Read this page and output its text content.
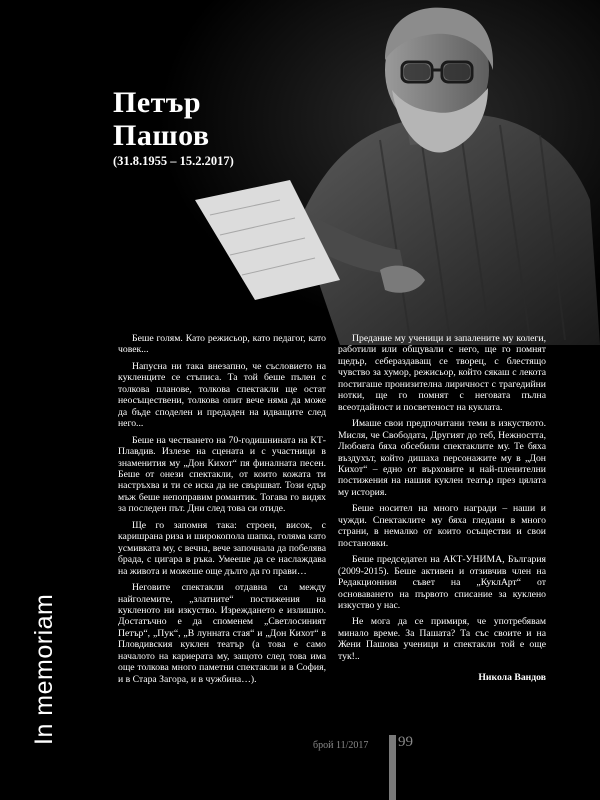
Петър
Пашов
(31.8.1955 – 15.2.2017)

Беше голям. Като режисьор, като педагог, като човек...

Напусна ни така внезапно, че съсловието на кукленците се стъписа. Та той беше пълен с толкова планове, толкова спектакли ще остат неосъществени, толкова опит вече няма да може да бъде споделен и предаден на идващите след него...

Беше на честването на 70-годишнината на КТ-Плавдив. Излезе на сцената и с участници в знаменития му „Дон Кихот“ пя финалната песен. Беше от онези спектакли, от които кожата ти настръхва и ти се иска да не свършват. Този едър мъж беше непоправим романтик. Тогава го видях за последен път. Дни след това си отиде.

Ще го запомня така: строен, висок, с каришрана риза и широкопола шапка, голяма като усмивката му, с вечна, вече започнала да побелява брада, с цигара в ръка. Умееше да се наслаждава на живота и можеше още дълго да го прави…

Неговите спектакли отдавна са между найголемите, „златните“ постижения на кукленото ни изкуство. Изреждането е излишно. Достатъчно е да споменем „Светлосиният Петър“, „Пук“, „В лунната стая“ и „Дон Кихот“ в Пловдивския куклен театър (а това е само началото на кариерата му, защото след това има още толкова много паметни спектакли и в София, и в Стара Загора, и в чужбина…).

Предание му ученици и запалените му колеги, работили или общували с него, ще го помнят щедър, себераздаващ се творец, с блестящо чувство за хумор, режисьор, който сякаш с лекота постигаше пронизителна лиричност с трагедийни нотки, ще го помнят с неговата пълна всеотдайност и посветеност на куклата.

Имаше свои предпочитани теми в изкуството. Мисля, че Свободата, Другият до теб, Нежността, Любовта бяха обсебили спектаклите му. Те бяха въздухът, който дишаха персонажите му в „Дон Кихот“ – едно от върховите и най-пленителни постижения на нашия куклен театър през цялата му история.

Беше носител на много награди – наши и чужди. Спектаклите му бяха гледани в много страни, в немалко от които осъществи и свои постановки.

Беше председател на АКТ-УНИМА, България (2009-2015). Беше активен и отзивчив член на Редакционния съвет на „КуклАрт“ от основаването на първото списание за куклено изкуство у нас.

Не мога да се примиря, че употребявам минало време. За Пашата? Та със своите и на Жени Пашова ученици и спектакли той е още тук!..

Никола Вандов
In memoriam
брой 11/2017 99
